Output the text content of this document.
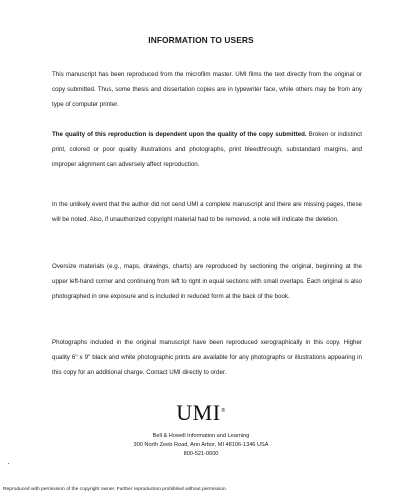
INFORMATION TO USERS

This manuscript has been reproduced from the microfilm master. UMI films the text directly from the original or copy submitted. Thus, some thesis and dissertation copies are in typewriter face, while others may be from any type of computer printer.

The quality of this reproduction is dependent upon the quality of the copy submitted. Broken or indistinct print, colored or poor quality illustrations and photographs, print bleedthrough, substandard margins, and improper alignment can adversely affect reproduction.

In the unlikely event that the author did not send UMI a complete manuscript and there are missing pages, these will be noted. Also, if unauthorized copyright material had to be removed, a note will indicate the deletion.

Oversize materials (e.g., maps, drawings, charts) are reproduced by sectioning the original, beginning at the upper left-hand corner and continuing from left to right in equal sections with small overlaps. Each original is also photographed in one exposure and is included in reduced form at the back of the book.

Photographs included in the original manuscript have been reproduced xerographically in this copy. Higher quality 6" x 9" black and white photographic prints are available for any photographs or illustrations appearing in this copy for an additional charge. Contact UMI directly to order.

UMI®
Bell & Howell Information and Learning
300 North Zeeb Road, Ann Arbor, MI 48106-1346 USA
800-521-0600
Reproduced with permission of the copyright owner. Further reproduction prohibited without permission.
